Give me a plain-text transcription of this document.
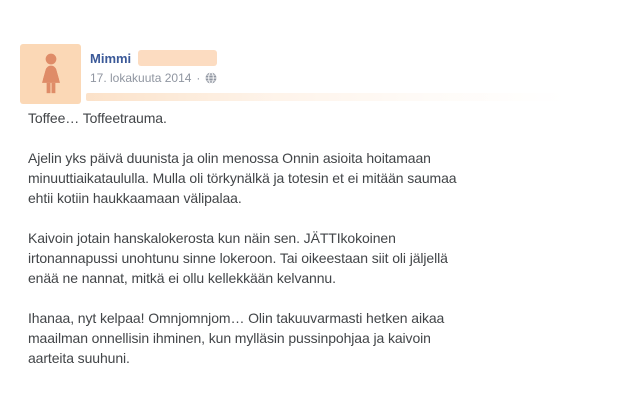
Mimmi
17. lokakuuta 2014 ·

Toffee… Toffeetrauma.

Ajelin yks päivä duunista ja olin menossa Onnin asioita hoitamaan
minuuttiaikataululla. Mulla oli törkynälkä ja totesin et ei mitään saumaa
ehtii kotiin haukkaamaan välipalaa.

Kaivoin jotain hanskalokerosta kun näin sen. JÄTTIkokoinen
irtonannapussi unohtunu sinne lokeroon. Tai oikeestaan siit oli jäljellä
enää ne nannat, mitkä ei ollu kellekkään kelvannu.

Ihanaa, nyt kelpaa! Omnjomnjom… Olin takuuvarmasti hetken aikaa
maailman onnellisin ihminen, kun mylläsin pussinpohjaa ja kaivoin
aarteita suuhuni.
